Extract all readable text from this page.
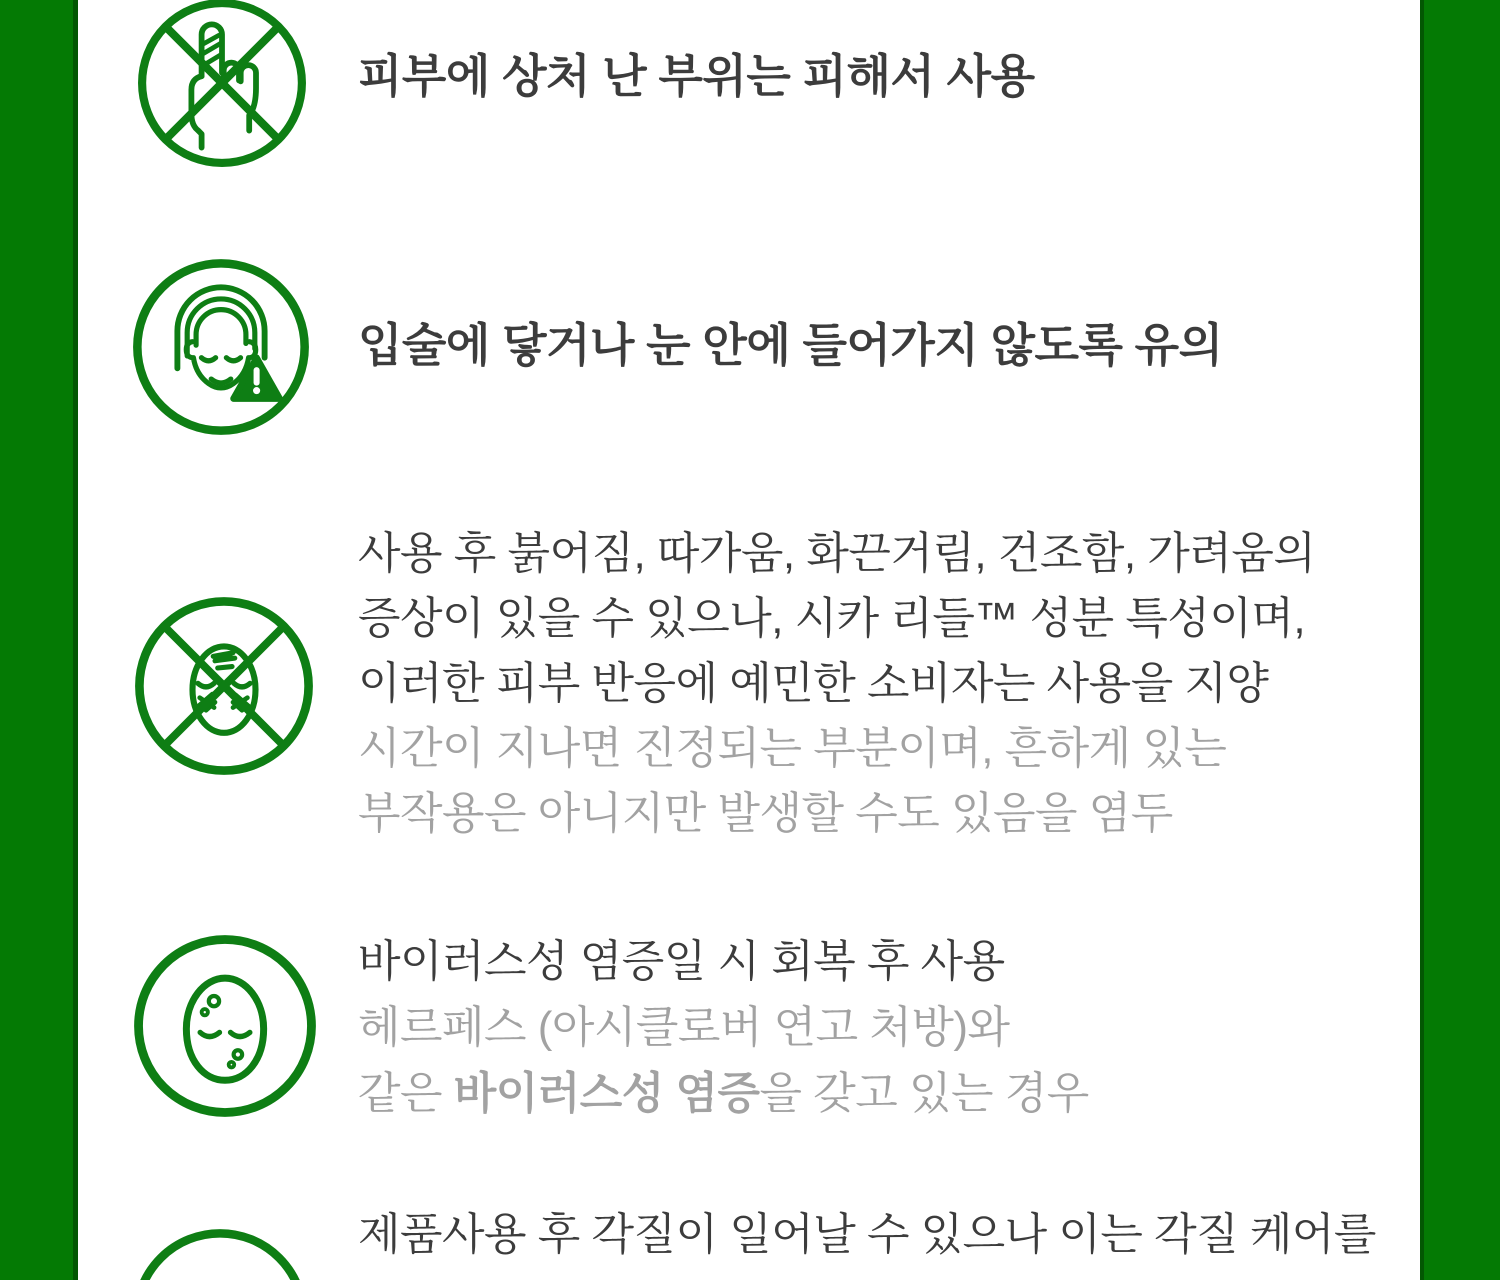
피부에 상처 난 부위는 피해서 사용
입술에 닿거나 눈 안에 들어가지 않도록 유의
사용 후 붉어짐, 따가움, 화끈거림, 건조함, 가려움의
증상이 있을 수 있으나, 시카 리들™ 성분 특성이며,
이러한 피부 반응에 예민한 소비자는 사용을 지양
시간이 지나면 진정되는 부분이며, 흔하게 있는
부작용은 아니지만 발생할 수도 있음을 염두
바이러스성 염증일 시 회복 후 사용
헤르페스 (아시클로버 연고 처방)와
같은 바이러스성 염증을 갖고 있는 경우
제품사용 후 각질이 일어날 수 있으나 이는 각질 케어를
